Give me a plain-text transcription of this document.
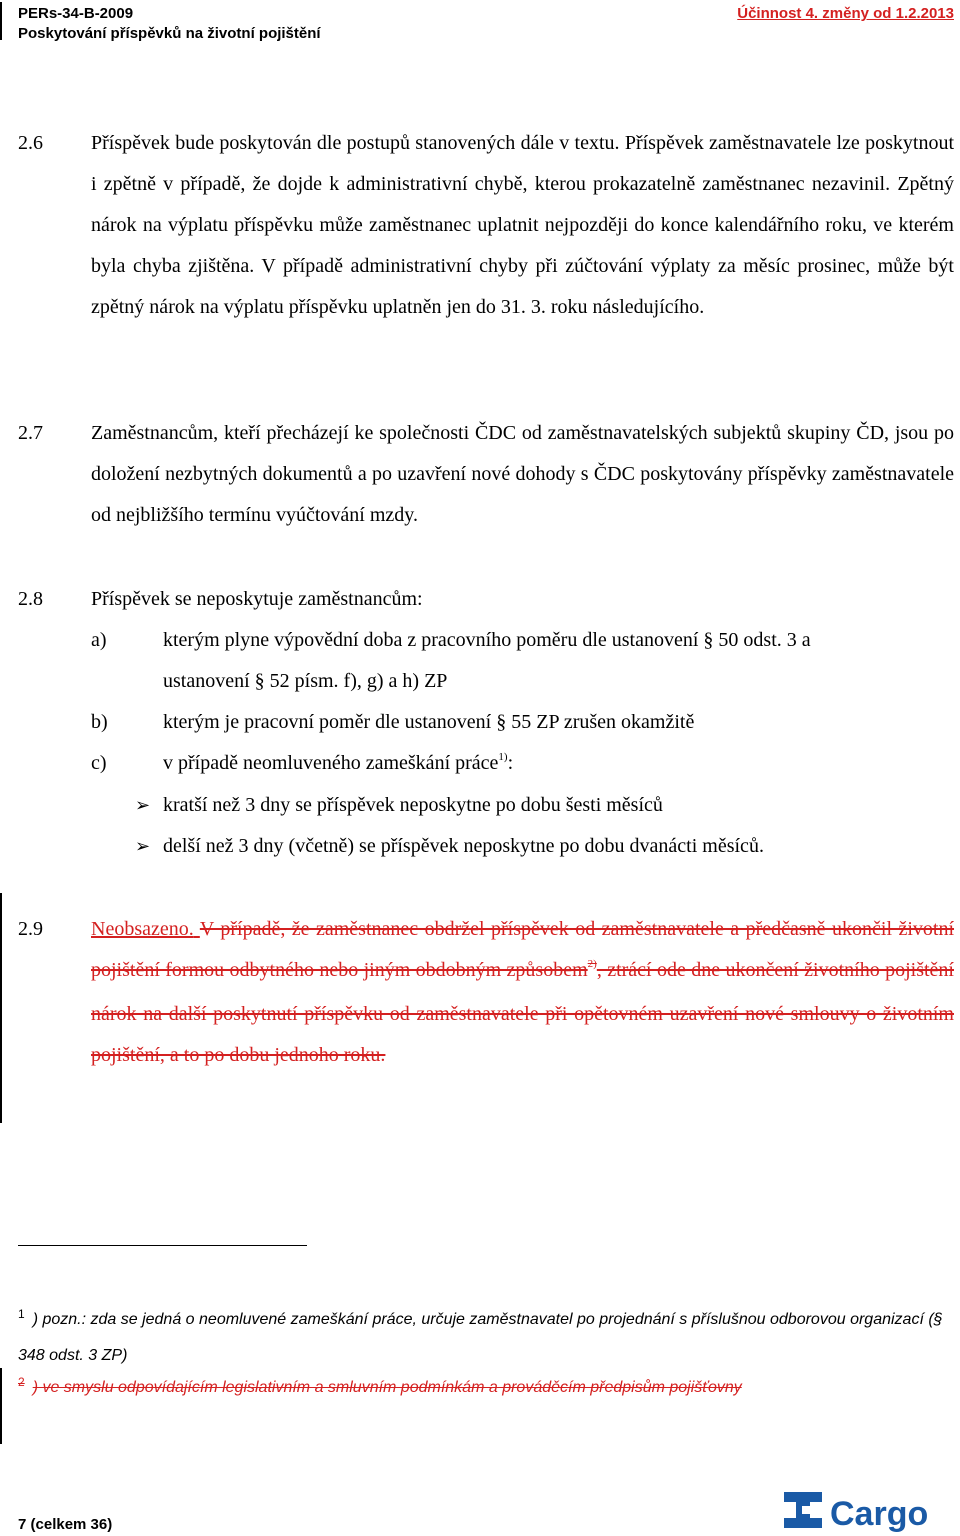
PERs-34-B-2009
Poskytování příspěvků na životní pojištění
Účinnost 4. změny od 1.2.2013
2.6 Příspěvek bude poskytován dle postupů stanovených dále v textu. Příspěvek zaměstnavatele lze poskytnout i zpětně v případě, že dojde k administrativní chybě, kterou prokazatelně zaměstnanec nezavinil. Zpětný nárok na výplatu příspěvku může zaměstnanec uplatnit nejpozději do konce kalendářního roku, ve kterém byla chyba zjištěna. V případě administrativní chyby při zúčtování výplaty za měsíc prosinec, může být zpětný nárok na výplatu příspěvku uplatněn jen do 31. 3. roku následujícího.
2.7 Zaměstnancům, kteří přecházejí ke společnosti ČDC od zaměstnavatelských subjektů skupiny ČD, jsou po doložení nezbytných dokumentů a po uzavření nové dohody s ČDC poskytovány příspěvky zaměstnavatele od nejbližšího termínu vyúčtování mzdy.
2.8 Příspěvek se neposkytuje zaměstnancům:
a)	kterým plyne výpovědní doba z pracovního poměru dle ustanovení § 50 odst. 3 a
ustanovení § 52 písm. f), g) a h) ZP
b)	kterým je pracovní poměr dle ustanovení § 55 ZP zrušen okamžitě
c)	v případě neomluveného zameškání práce$^{1)}$:
➢ kratší než 3 dny se příspěvek neposkytne po dobu šesti měsíců
➢ delší než 3 dny (včetně) se příspěvek neposkytne po dobu dvanácti měsíců.
2.9 Neobsazeno. V případě, že zaměstnanec obdržel příspěvek od zaměstnavatele a předčasně ukončil životní pojištění formou odbytného nebo jiným obdobným způsobem$^{2)}$, ztrácí ode dne ukončení životního pojištění nárok na další poskytnutí příspěvku od zaměstnavatele při opětovném uzavření nové smlouvy o životním pojištění, a to po dobu jednoho roku.
$^1$ ) pozn.: zda se jedná o neomluvené zameškání práce, určuje zaměstnavatel po projednání s příslušnou odborovou organizací (§ 348 odst. 3 ZP)
$^2$ ) ve smyslu odpovídajícím legislativním a smluvním podmínkám a prováděcím předpisům pojišťovny
7 (celkem 36)	Cargo
